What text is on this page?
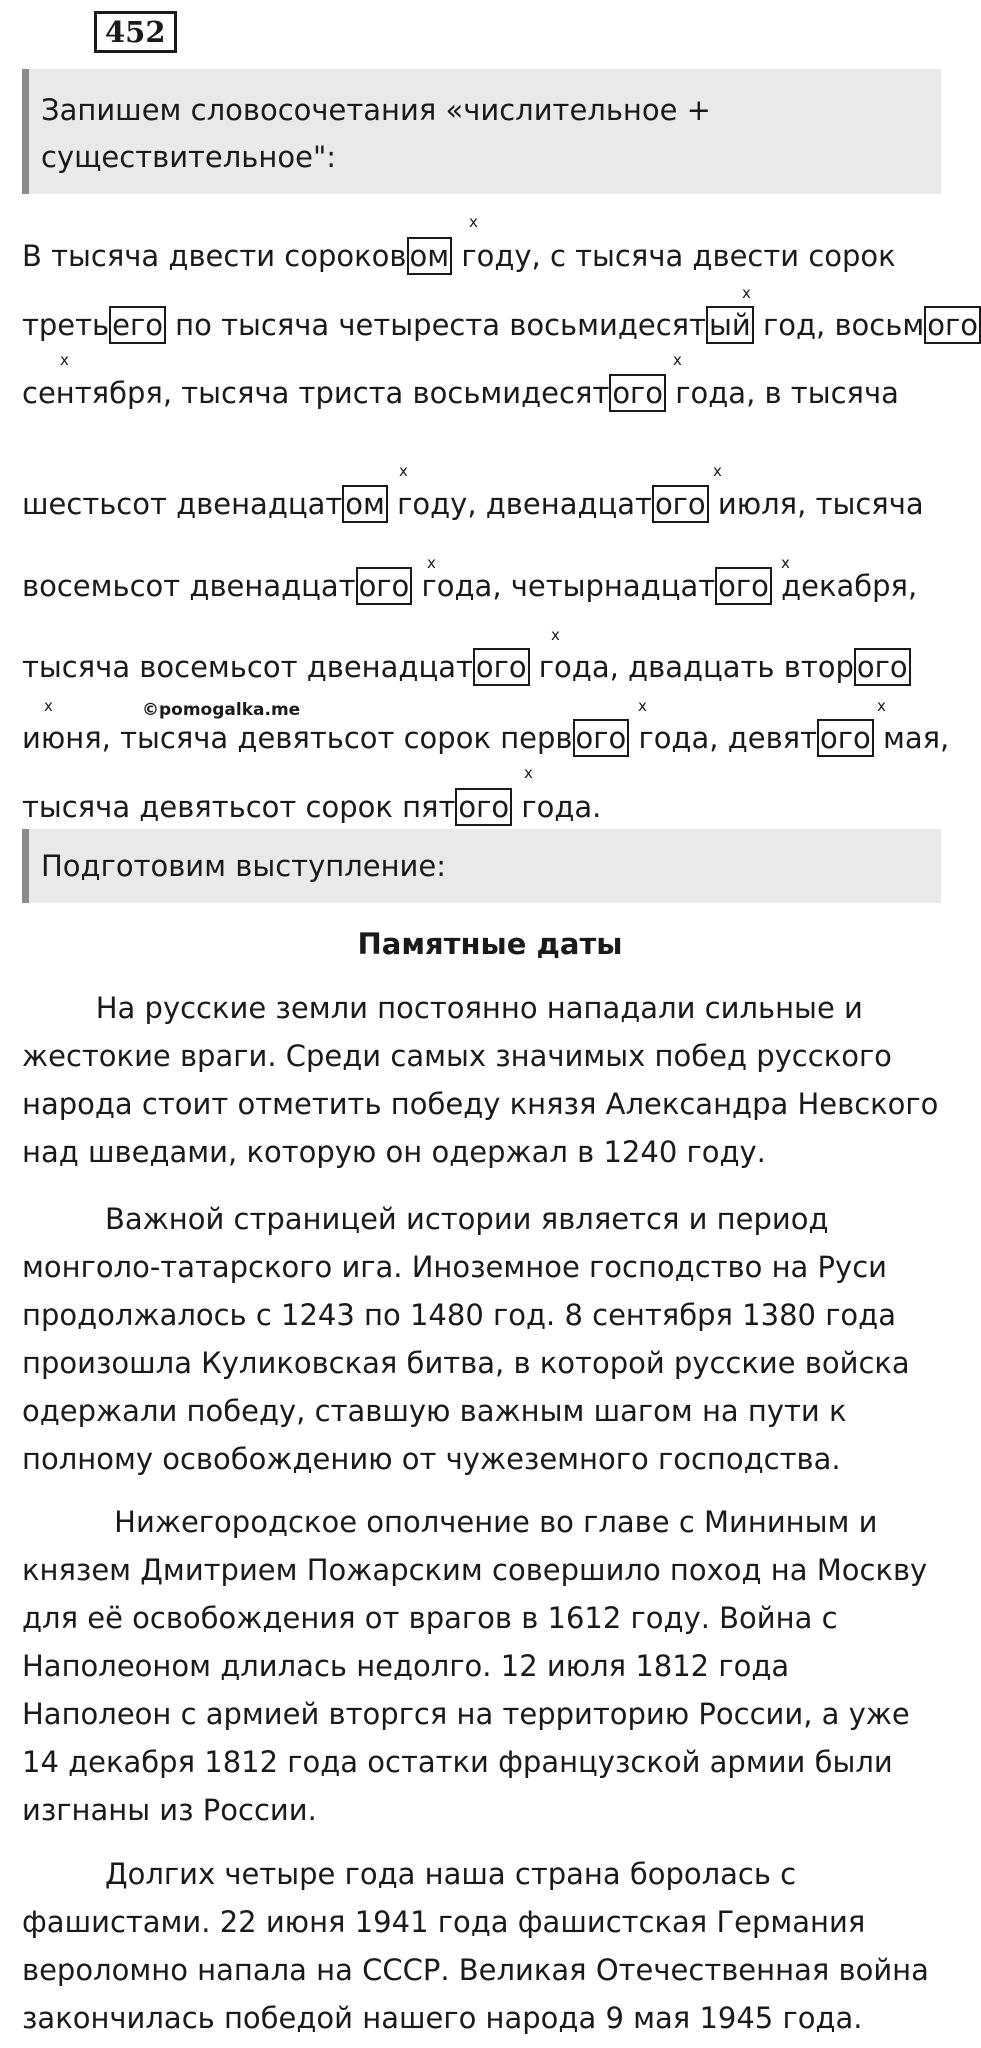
452
Запишем словосочетания «числительное + существительное":
В тысяча двести сороков ом году, с тысяча двести сорок
треть его по тысяча четыреста восьмидесят ый год, восьм ого
сентября, тысяча триста восьмидесят ого года, в тысяча
шестьсот двенадцат ом году, двенадцат ого июля, тысяча
восемьсот двенадцат ого года, четырнадцат ого декабря,
тысяча восемьсот двенадцат ого года, двадцать втор ого
июня, тысяча девятьсот сорок перв ого года, девят ого мая,
тысяча девятьсот сорок пят ого года.
x
x
x	x
x	x
x	x
x
x	x	x
x
©pomogalka.me
Подготовим выступление:
Памятные даты

На русские земли постоянно нападали сильные и жестокие враги. Среди самых значимых побед русского народа стоит отметить победу князя Александра Невского над шведами, которую он одержал в 1240 году.

Важной страницей истории является и период монголо-татарского ига. Иноземное господство на Руси продолжалось с 1243 по 1480 год. 8 сентября 1380 года произошла Куликовская битва, в которой русские войска одержали победу, ставшую важным шагом на пути к полному освобождению от чужеземного господства.

Нижегородское ополчение во главе с Мининым и князем Дмитрием Пожарским совершило поход на Москву для её освобождения от врагов в 1612 году. Война с Наполеоном длилась недолго. 12 июля 1812 года Наполеон с армией вторгся на территорию России, а уже 14 декабря 1812 года остатки французской армии были изгнаны из России.

Долгих четыре года наша страна боролась с фашистами. 22 июня 1941 года фашистская Германия вероломно напала на СССР. Великая Отечественная война закончилась победой нашего народа 9 мая 1945 года.
